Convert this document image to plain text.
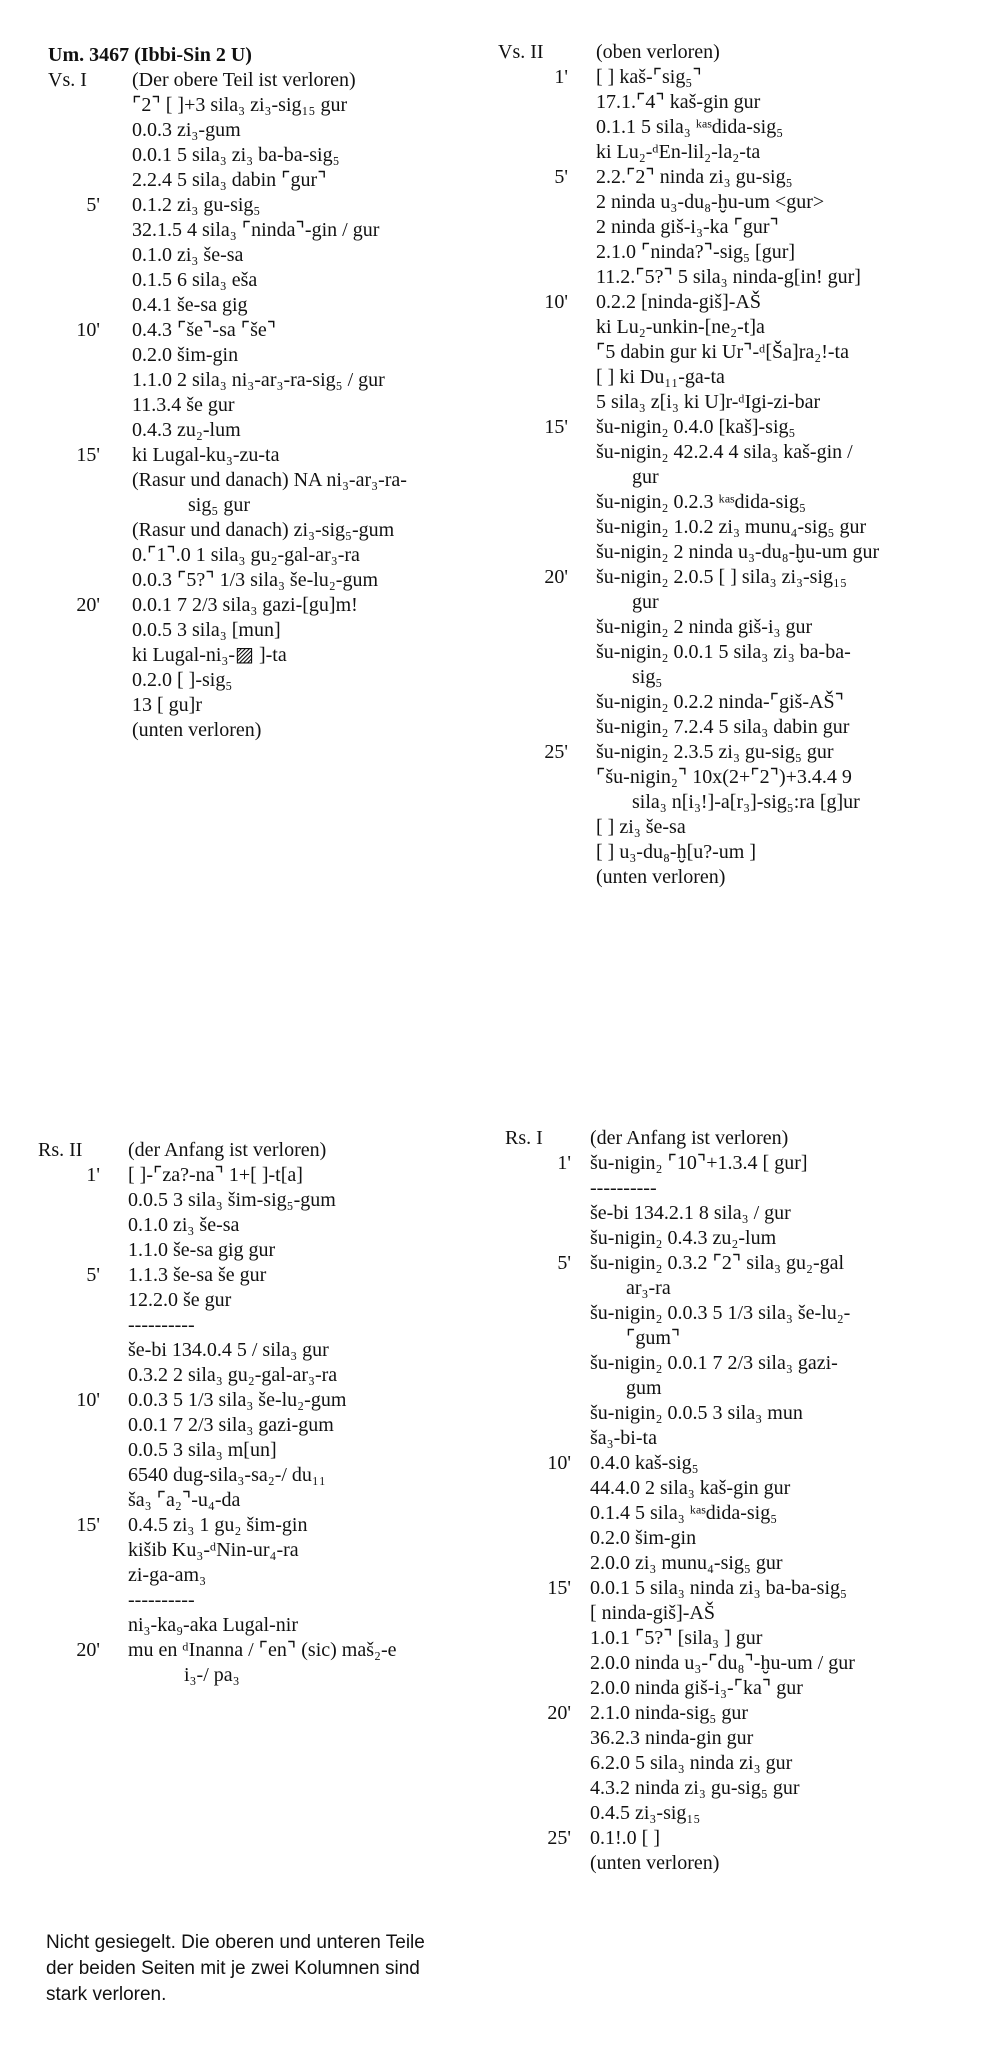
Um. 3467 (Ibbi-Sin 2 U)
Vs. I (Der obere Teil ist verloren)
⌜2⌝ [ ]+3 sila₃ zi₃-sig₁₅ gur
0.0.3 zi₃-gum
0.0.1 5 sila₃ zi₃ ba-ba-sig₅
2.2.4 5 sila₃ dabin ⌜gur⌝
5' 0.1.2 zi₃ gu-sig₅
32.1.5 4 sila₃ ⌜ninda⌝-gin / gur
0.1.0 zi₃ še-sa
0.1.5 6 sila₃ eša
0.4.1 še-sa gig
10' 0.4.3 ⌜še⌝-sa ⌜še⌝
0.2.0 šim-gin
1.1.0 2 sila₃ ni₃-ar₃-ra-sig₅ / gur
11.3.4 še gur
0.4.3 zu₂-lum
15' ki Lugal-ku₃-zu-ta
(Rasur und danach) NA ni₃-ar₃-ra-
sig₅ gur
(Rasur und danach) zi₃-sig₅-gum
0.⌜1⌝.0 1 sila₃ gu₂-gal-ar₃-ra
0.0.3 ⌜5?⌝ 1/3 sila₃ še-lu₂-gum
20' 0.0.1 7 2/3 sila₃ gazi-[gu]m!
0.0.5 3 sila₃ [mun]
ki Lugal-ni₃-▨ ]-ta
0.2.0 [ ]-sig₅
13 [ gu]r
(unten verloren)
Vs. II	(oben verloren)
1' [ ] kaš-⌜sig₅⌝
17.1.⌜4⌝ kaš-gin gur
0.1.1 5 sila₃ ᵏᵃˢdida-sig₅
ki Lu₂-ᵈEn-lil₂-la₂-ta
5' 2.2.⌜2⌝ ninda zi₃ gu-sig₅
2 ninda u₃-du₈-ḫu-um <gur>
2 ninda giš-i₃-ka ⌜gur⌝
2.1.0 ⌜ninda?⌝-sig₅ [gur]
11.2.⌜5?⌝ 5 sila₃ ninda-g[in! gur]
10' 0.2.2 [ninda-giš]-AŠ
ki Lu₂-unkin-[ne₂-t]a
⌜5 dabin gur ki Ur⌝-ᵈ[Ša]ra₂!-ta
[ ] ki Du₁₁-ga-ta
5 sila₃ z[i₃ ki U]r-ᵈIgi-zi-bar
15' šu-nigin₂ 0.4.0 [kaš]-sig₅
šu-nigin₂ 42.2.4 4 sila₃ kaš-gin /
gur
šu-nigin₂ 0.2.3 ᵏᵃˢdida-sig₅
šu-nigin₂ 1.0.2 zi₃ munu₄-sig₅ gur
šu-nigin₂ 2 ninda u₃-du₈-ḫu-um gur
20' šu-nigin₂ 2.0.5 [ ] sila₃ zi₃-sig₁₅
gur
šu-nigin₂ 2 ninda giš-i₃ gur
šu-nigin₂ 0.0.1 5 sila₃ zi₃ ba-ba-
sig₅
šu-nigin₂ 0.2.2 ninda-⌜giš-AŠ⌝
šu-nigin₂ 7.2.4 5 sila₃ dabin gur
25' šu-nigin₂ 2.3.5 zi₃ gu-sig₅ gur
⌜šu-nigin₂⌝ 10x(2+⌜2⌝)+3.4.4 9
sila₃ n[i₃!]-a[r₃]-sig₅:ra [g]ur
[ ] zi₃ še-sa
[ ] u₃-du₈-ḫ[u?-um ]
(unten verloren)
Rs. II (der Anfang ist verloren)
1' [ ]-⌜za?-na⌝ 1+[ ]-t[a]
0.0.5 3 sila₃ šim-sig₅-gum
0.1.0 zi₃ še-sa
1.1.0 še-sa gig gur
5' 1.1.3 še-sa še gur
12.2.0 še gur
----------
še-bi 134.0.4 5 / sila₃ gur
0.3.2 2 sila₃ gu₂-gal-ar₃-ra
10' 0.0.3 5 1/3 sila₃ še-lu₂-gum
0.0.1 7 2/3 sila₃ gazi-gum
0.0.5 3 sila₃ m[un]
6540 dug-sila₃-sa₂-/ du₁₁
ša₃ ⌜a₂⌝-u₄-da
15' 0.4.5 zi₃ 1 gu₂ šim-gin
kišib Ku₃-ᵈNin-ur₄-ra
zi-ga-am₃
----------
ni₃-ka₉-aka Lugal-nir
20' mu en ᵈInanna / ⌜en⌝ (sic) maš₂-e
i₃-/ pa₃
Rs. I (der Anfang ist verloren)
1' šu-nigin₂ ⌜10⌝+1.3.4 [ gur]
----------
še-bi 134.2.1 8 sila₃ / gur
šu-nigin₂ 0.4.3 zu₂-lum
5' šu-nigin₂ 0.3.2 ⌜2⌝ sila₃ gu₂-gal
ar₃-ra
šu-nigin₂ 0.0.3 5 1/3 sila₃ še-lu₂-
⌜gum⌝
šu-nigin₂ 0.0.1 7 2/3 sila₃ gazi-
gum
šu-nigin₂ 0.0.5 3 sila₃ mun
ša₃-bi-ta
10' 0.4.0 kaš-sig₅
44.4.0 2 sila₃ kaš-gin gur
0.1.4 5 sila₃ ᵏᵃˢdida-sig₅
0.2.0 šim-gin
2.0.0 zi₃ munu₄-sig₅ gur
15' 0.0.1 5 sila₃ ninda zi₃ ba-ba-sig₅
[ ninda-giš]-AŠ
1.0.1 ⌜5?⌝ [sila₃ ] gur
2.0.0 ninda u₃-⌜du₈⌝-ḫu-um / gur
2.0.0 ninda giš-i₃-⌜ka⌝ gur
20' 2.1.0 ninda-sig₅ gur
36.2.3 ninda-gin gur
6.2.0 5 sila₃ ninda zi₃ gur
4.3.2 ninda zi₃ gu-sig₅ gur
0.4.5 zi₃-sig₁₅
25' 0.1!.0 [ ]
(unten verloren)
Nicht gesiegelt. Die oberen und unteren Teile
der beiden Seiten mit je zwei Kolumnen sind
stark verloren.
